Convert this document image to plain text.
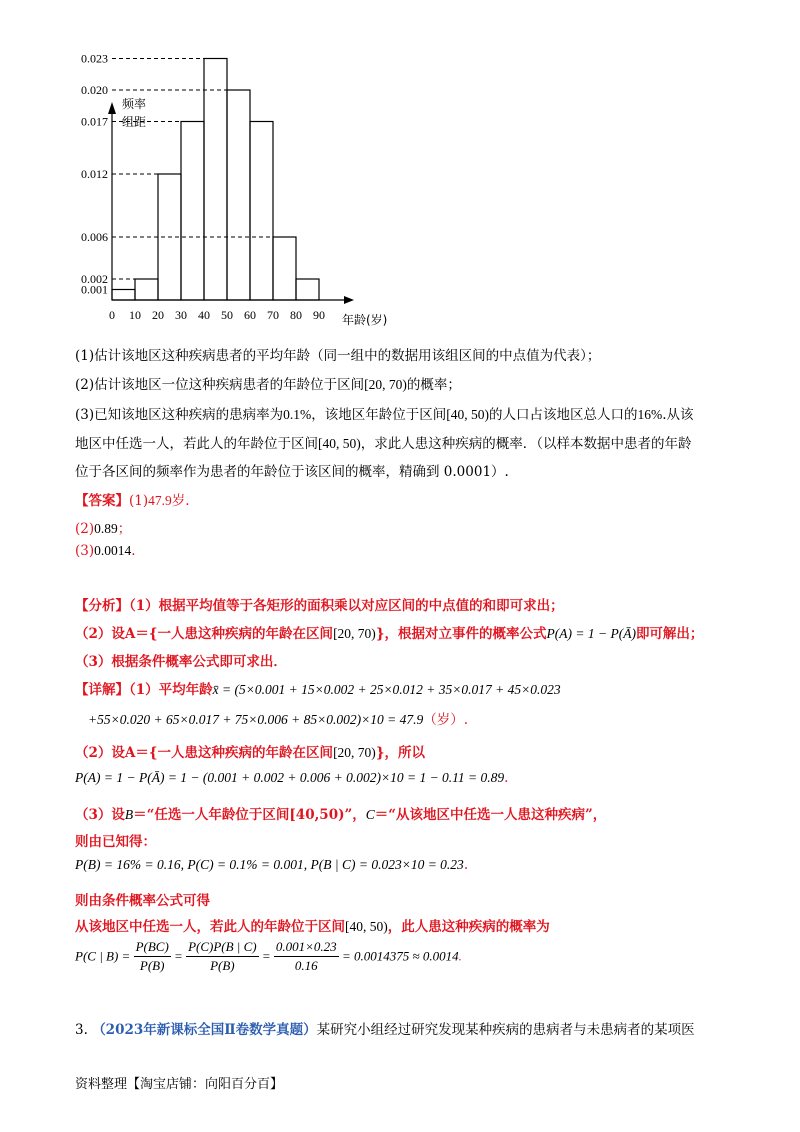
0.023
0.020
0.017
0.012
0.006
0.002
0.001
0 10 20 30 40 50 60 70 80 90
频率
组距
年龄(岁)
(1)估计该地区这种疾病患者的平均年龄（同一组中的数据用该组区间的中点值为代表）；
(2)估计该地区一位这种疾病患者的年龄位于区间[20, 70)的概率；
(3)已知该地区这种疾病的患病率为0.1%，该地区年龄位于区间[40, 50)的人口占该地区总人口的16%.从该
地区中任选一人，若此人的年龄位于区间[40, 50)，求此人患这种疾病的概率．（以样本数据中患者的年龄
位于各区间的频率作为患者的年龄位于该区间的概率，精确到 0.0001）.
【答案】(1)47.9岁.
(2)0.89；
(3)0.0014.
【分析】（1）根据平均值等于各矩形的面积乘以对应区间的中点值的和即可求出；
（2）设A＝{一人患这种疾病的年龄在区间[20, 70)}，根据对立事件的概率公式P(A) = 1 − P(Ā)即可解出；
（3）根据条件概率公式即可求出．
【详解】（1）平均年龄x̄ = (5×0.001 + 15×0.002 + 25×0.012 + 35×0.017 + 45×0.023
+55×0.020 + 65×0.017 + 75×0.006 + 85×0.002)×10 = 47.9（岁）.
（2）设A＝{一人患这种疾病的年龄在区间[20, 70)}，所以
P(A) = 1 − P(Ā) = 1 − (0.001 + 0.002 + 0.006 + 0.002)×10 = 1 − 0.11 = 0.89.
（3）设B＝“任选一人年龄位于区间[40,50)”，C＝“从该地区中任选一人患这种疾病”，
则由已知得：
P(B) = 16% = 0.16, P(C) = 0.1% = 0.001, P(B | C) = 0.023×10 = 0.23.
则由条件概率公式可得
从该地区中任选一人，若此人的年龄位于区间[40, 50)，此人患这种疾病的概率为
P(C | $B) = \frac{P(BC)}{P(B)} = \frac{P(C)P(B | C)}{P(B)} = \frac{0.001\times 0.23}{0.16} = 0.0014375 \approx 0.0014$.
3. （2023年新课标全国Ⅱ卷数学真题）某研究小组经过研究发现某种疾病的患病者与未患病者的某项医
资料整理【淘宝店铺：向阳百分百】
